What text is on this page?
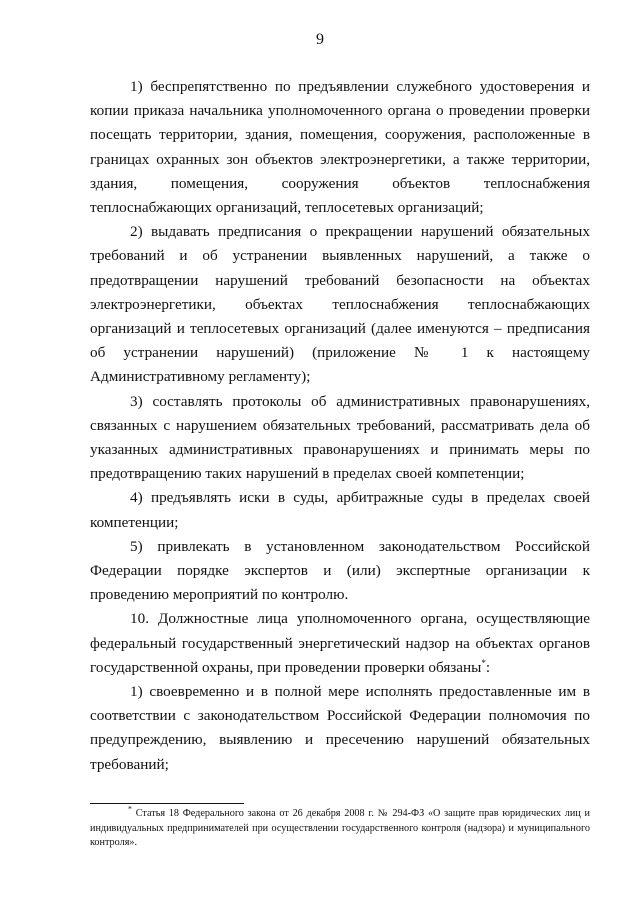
9

1) беспрепятственно по предъявлении служебного удостоверения и копии приказа начальника уполномоченного органа о проведении проверки посещать территории, здания, помещения, сооружения, расположенные в границах охранных зон объектов электроэнергетики, а также территории, здания, помещения, сооружения объектов теплоснабжения теплоснабжающих организаций, теплосетевых организаций;

2) выдавать предписания о прекращении нарушений обязательных требований и об устранении выявленных нарушений, а также о предотвращении нарушений требований безопасности на объектах электроэнергетики, объектах теплоснабжения теплоснабжающих организаций и теплосетевых организаций (далее именуются – предписания об устранении нарушений) (приложение № 1 к настоящему Административному регламенту);

3) составлять протоколы об административных правонарушениях, связанных с нарушением обязательных требований, рассматривать дела об указанных административных правонарушениях и принимать меры по предотвращению таких нарушений в пределах своей компетенции;

4) предъявлять иски в суды, арбитражные суды в пределах своей компетенции;

5) привлекать в установленном законодательством Российской Федерации порядке экспертов и (или) экспертные организации к проведению мероприятий по контролю.

10. Должностные лица уполномоченного органа, осуществляющие федеральный государственный энергетический надзор на объектах органов государственной охраны, при проведении проверки обязаны*:

1) своевременно и в полной мере исполнять предоставленные им в соответствии с законодательством Российской Федерации полномочия по предупреждению, выявлению и пресечению нарушений обязательных требований;

* Статья 18 Федерального закона от 26 декабря 2008 г. № 294-ФЗ «О защите прав юридических лиц и индивидуальных предпринимателей при осуществлении государственного контроля (надзора) и муниципального контроля».
